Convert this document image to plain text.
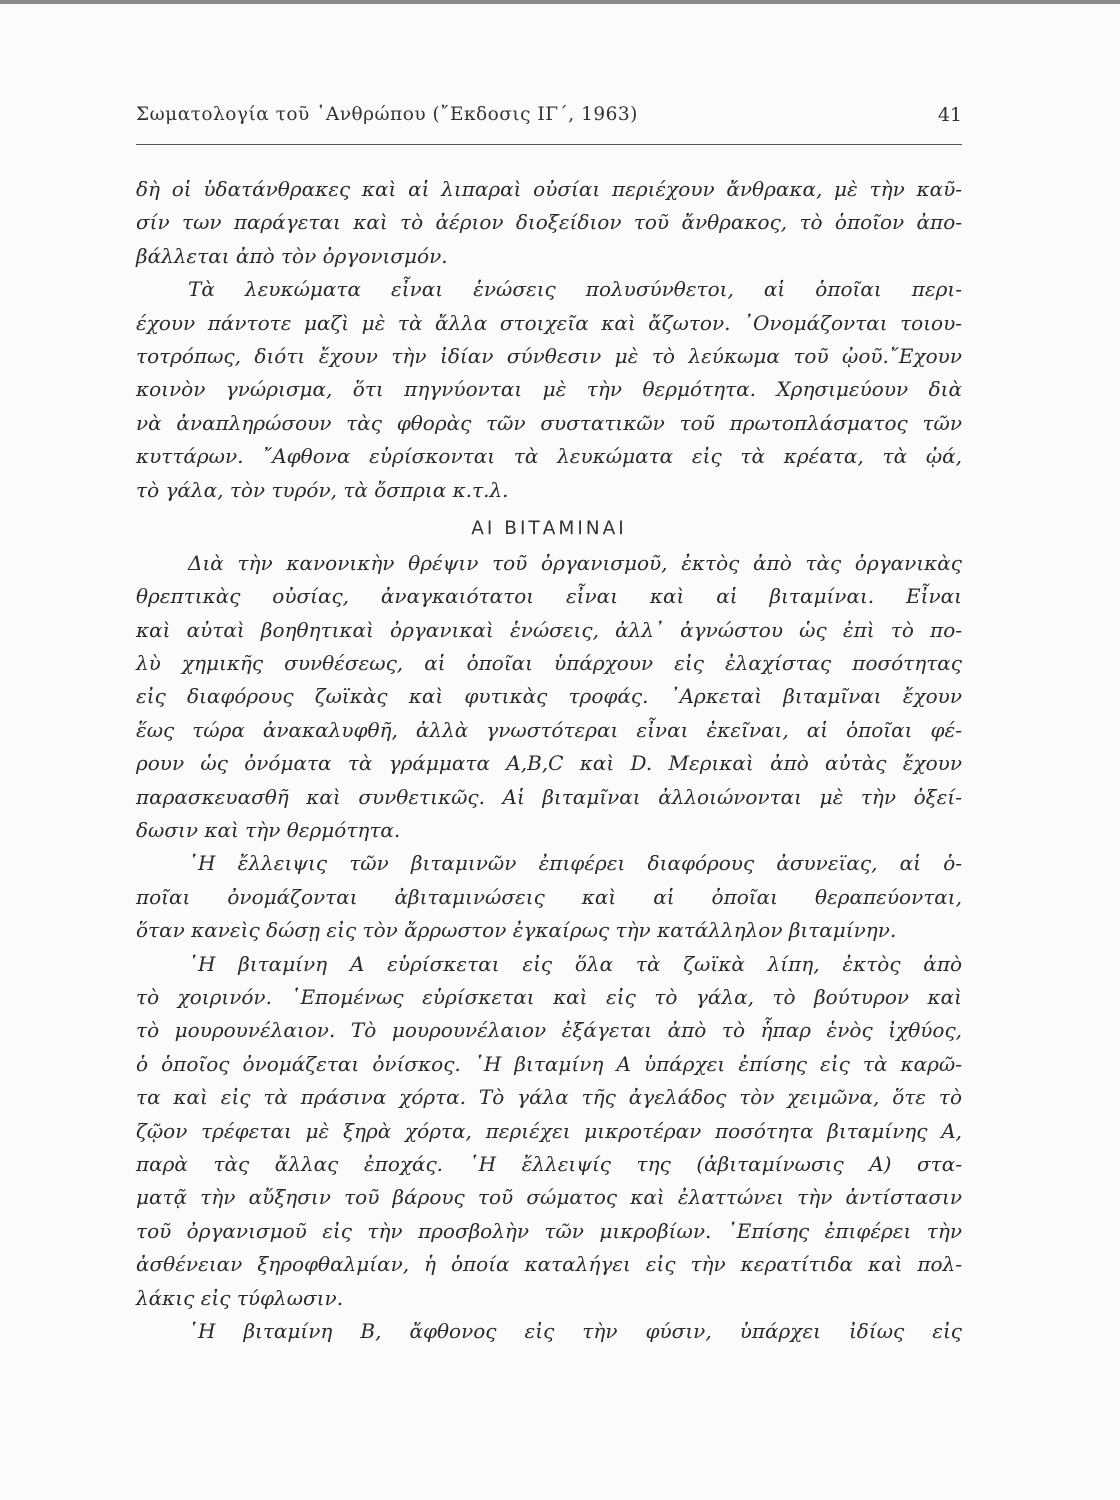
Σωματολογία τοῦ ᾿Ανθρώπου (῎Εκδοσις ΙΓ΄, 1963)	41
δὴ οἱ ὑδατάνθρακες καὶ αἱ λιπαραὶ οὐσίαι περιέχουν ἄνθρακα, μὲ τὴν καῦ-
σίν των παράγεται καὶ τὸ ἀέριον διοξείδιον τοῦ ἄνθρακος, τὸ ὁποῖον ἀπο-
βάλλεται ἀπὸ τὸν ὀργονισμόν.
Τὰ λευκώματα εἶναι ἑνώσεις πολυσύνθετοι, αἱ ὁποῖαι περι-
έχουν πάντοτε μαζὶ μὲ τὰ ἄλλα στοιχεῖα καὶ ἄζωτον. ᾿Ονομάζονται τοιου-
τοτρόπως, διότι ἔχουν τὴν ἰδίαν σύνθεσιν μὲ τὸ λεύκωμα τοῦ ᾠοῦ.῎Εχουν
κοινὸν γνώρισμα, ὅτι πηγνύονται μὲ τὴν θερμότητα. Χρησιμεύουν διὰ
νὰ ἀναπληρώσουν τὰς φθορὰς τῶν συστατικῶν τοῦ πρωτοπλάσματος τῶν
κυττάρων. ῎Αφθονα εὑρίσκονται τὰ λευκώματα εἰς τὰ κρέατα, τὰ ᾠά,
τὸ γάλα, τὸν τυρόν, τὰ ὄσπρια κ.τ.λ.
ΑΙ ΒΙΤΑΜΙΝΑΙ
Διὰ τὴν κανονικὴν θρέψιν τοῦ ὀργανισμοῦ, ἐκτὸς ἀπὸ τὰς ὀργανικὰς
θρεπτικὰς οὐσίας, ἀναγκαιότατοι εἶναι καὶ αἱ βιταμίναι. Εἶναι
καὶ αὐταὶ βοηθητικαὶ ὀργανικαὶ ἑνώσεις, ἀλλ᾿ ἀγνώστου ὡς ἐπὶ τὸ πο-
λὺ χημικῆς συνθέσεως, αἱ ὁποῖαι ὑπάρχουν εἰς ἐλαχίστας ποσότητας
εἰς διαφόρους ζωϊκὰς καὶ φυτικὰς τροφάς. ᾿Αρκεταὶ βιταμῖναι ἔχουν
ἕως τώρα ἀνακαλυφθῆ, ἀλλὰ γνωστότεραι εἶναι ἐκεῖναι, αἱ ὁποῖαι φέ-
ρουν ὡς ὀνόματα τὰ γράμματα A,B,C καὶ D. Μερικαὶ ἀπὸ αὐτὰς ἔχουν
παρασκευασθῆ καὶ συνθετικῶς. Αἱ βιταμῖναι ἀλλοιώνονται μὲ τὴν ὀξεί-
δωσιν καὶ τὴν θερμότητα.
῾Η ἔλλειψις τῶν βιταμινῶν ἐπιφέρει διαφόρους ἀσυνεϊας, αἱ ὁ-
ποῖαι ὀνομάζονται ἀβιταμινώσεις καὶ αἱ ὁποῖαι θεραπεύονται,
ὅταν κανεὶς δώσῃ εἰς τὸν ἄρρωστον ἐγκαίρως τὴν κατάλληλον βιταμίνην.
῾Η βιταμίνη Α εὑρίσκεται εἰς ὅλα τὰ ζωϊκὰ λίπη, ἐκτὸς ἀπὸ
τὸ χοιρινόν. ῾Επομένως εὑρίσκεται καὶ εἰς τὸ γάλα, τὸ βούτυρον καὶ
τὸ μουρουνέλαιον. Τὸ μουρουνέλαιον ἐξάγεται ἀπὸ τὸ ἧπαρ ἑνὸς ἰχθύος,
ὁ ὁποῖος ὀνομάζεται ὀνίσκος. ῾Η βιταμίνη Α ὑπάρχει ἐπίσης εἰς τὰ καρῶ-
τα καὶ εἰς τὰ πράσινα χόρτα. Τὸ γάλα τῆς ἀγελάδος τὸν χειμῶνα, ὅτε τὸ
ζῷον τρέφεται μὲ ξηρὰ χόρτα, περιέχει μικροτέραν ποσότητα βιταμίνης Α,
παρὰ τὰς ἄλλας ἐποχάς. ῾Η ἔλλειψίς της (ἀβιταμίνωσις Α) στα-
ματᾷ τὴν αὔξησιν τοῦ βάρους τοῦ σώματος καὶ ἐλαττώνει τὴν ἀντίστασιν
τοῦ ὀργανισμοῦ εἰς τὴν προσβολὴν τῶν μικροβίων. ᾿Επίσης ἐπιφέρει τὴν
ἀσθένειαν ξηροφθαλμίαν, ἡ ὁποία καταλήγει εἰς τὴν κερατίτιδα καὶ πολ-
λάκις εἰς τύφλωσιν.
῾Η βιταμίνη Β, ἄφθονος εἰς τὴν φύσιν, ὑπάρχει ἰδίως εἰς
